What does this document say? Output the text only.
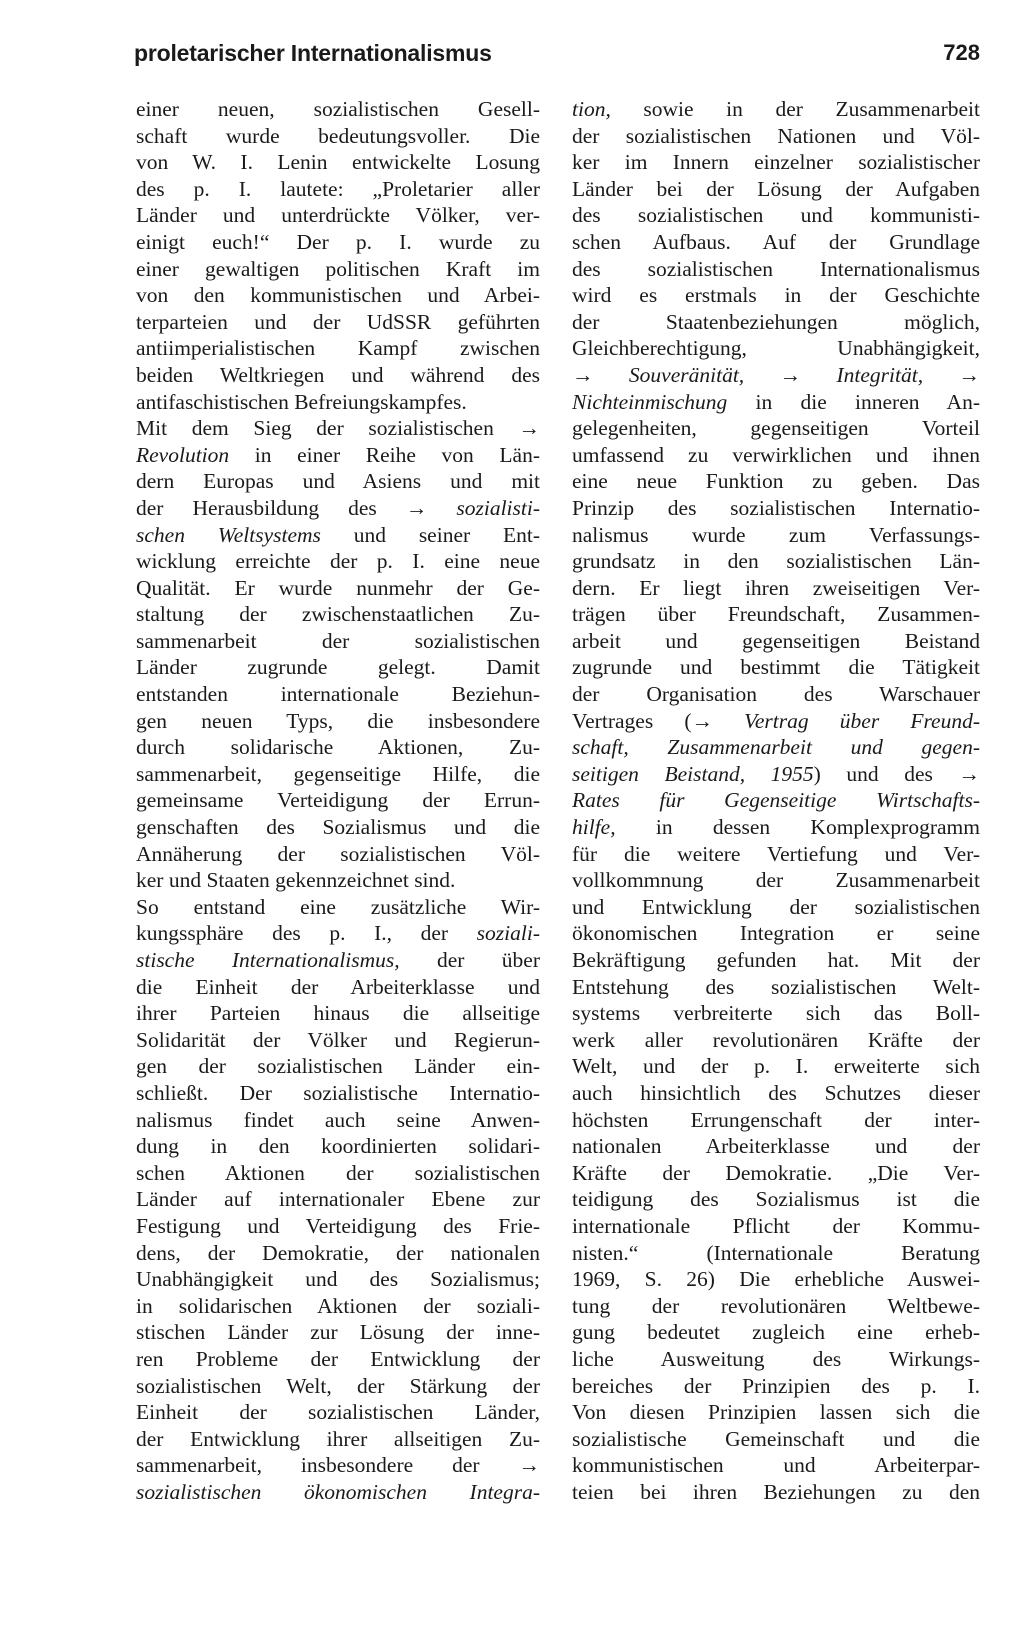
proletarischer Internationalismus	728
einer neuen, sozialistischen Gesell-
schaft wurde bedeutungsvoller. Die
von W. I. Lenin entwickelte Losung
des p. I. lautete: „Proletarier aller
Länder und unterdrückte Völker, ver-
einigt euch!“ Der p. I. wurde zu
einer gewaltigen politischen Kraft im
von den kommunistischen und Arbei-
terparteien und der UdSSR geführten
antiimperialistischen Kampf zwischen
beiden Weltkriegen und während des
antifaschistischen Befreiungskampfes.
Mit dem Sieg der sozialistischen →
Revolution in einer Reihe von Län-
dern Europas und Asiens und mit
der Herausbildung des → sozialisti-
schen Weltsystems und seiner Ent-
wicklung erreichte der p. I. eine neue
Qualität. Er wurde nunmehr der Ge-
staltung der zwischenstaatlichen Zu-
sammenarbeit der sozialistischen
Länder zugrunde gelegt. Damit
entstanden internationale Beziehun-
gen neuen Typs, die insbesondere
durch solidarische Aktionen, Zu-
sammenarbeit, gegenseitige Hilfe, die
gemeinsame Verteidigung der Errun-
genschaften des Sozialismus und die
Annäherung der sozialistischen Völ-
ker und Staaten gekennzeichnet sind.
So entstand eine zusätzliche Wir-
kungssphäre des p. I., der soziali-
stische Internationalismus, der über
die Einheit der Arbeiterklasse und
ihrer Parteien hinaus die allseitige
Solidarität der Völker und Regierun-
gen der sozialistischen Länder ein-
schließt. Der sozialistische Internatio-
nalismus findet auch seine Anwen-
dung in den koordinierten solidari-
schen Aktionen der sozialistischen
Länder auf internationaler Ebene zur
Festigung und Verteidigung des Frie-
dens, der Demokratie, der nationalen
Unabhängigkeit und des Sozialismus;
in solidarischen Aktionen der soziali-
stischen Länder zur Lösung der inne-
ren Probleme der Entwicklung der
sozialistischen Welt, der Stärkung der
Einheit der sozialistischen Länder,
der Entwicklung ihrer allseitigen Zu-
sammenarbeit, insbesondere der →
sozialistischen ökonomischen Integra-
tion, sowie in der Zusammenarbeit
der sozialistischen Nationen und Völ-
ker im Innern einzelner sozialistischer
Länder bei der Lösung der Aufgaben
des sozialistischen und kommunisti-
schen Aufbaus. Auf der Grundlage
des sozialistischen Internationalismus
wird es erstmals in der Geschichte
der Staatenbeziehungen möglich,
Gleichberechtigung, Unabhängigkeit,
→ Souveränität, → Integrität, →
Nichteinmischung in die inneren An-
gelegenheiten, gegenseitigen Vorteil
umfassend zu verwirklichen und ihnen
eine neue Funktion zu geben. Das
Prinzip des sozialistischen Internatio-
nalismus wurde zum Verfassungs-
grundsatz in den sozialistischen Län-
dern. Er liegt ihren zweiseitigen Ver-
trägen über Freundschaft, Zusammen-
arbeit und gegenseitigen Beistand
zugrunde und bestimmt die Tätigkeit
der Organisation des Warschauer
Vertrages (→ Vertrag über Freund-
schaft, Zusammenarbeit und gegen-
seitigen Beistand, 1955) und des →
Rates für Gegenseitige Wirtschafts-
hilfe, in dessen Komplexprogramm
für die weitere Vertiefung und Ver-
vollkommnung der Zusammenarbeit
und Entwicklung der sozialistischen
ökonomischen Integration er seine
Bekräftigung gefunden hat. Mit der
Entstehung des sozialistischen Welt-
systems verbreiterte sich das Boll-
werk aller revolutionären Kräfte der
Welt, und der p. I. erweiterte sich
auch hinsichtlich des Schutzes dieser
höchsten Errungenschaft der inter-
nationalen Arbeiterklasse und der
Kräfte der Demokratie. „Die Ver-
teidigung des Sozialismus ist die
internationale Pflicht der Kommu-
nisten.“ (Internationale Beratung
1969, S. 26) Die erhebliche Auswei-
tung der revolutionären Weltbewe-
gung bedeutet zugleich eine erheb-
liche Ausweitung des Wirkungs-
bereiches der Prinzipien des p. I.
Von diesen Prinzipien lassen sich die
sozialistische Gemeinschaft und die
kommunistischen und Arbeiterpar-
teien bei ihren Beziehungen zu den
